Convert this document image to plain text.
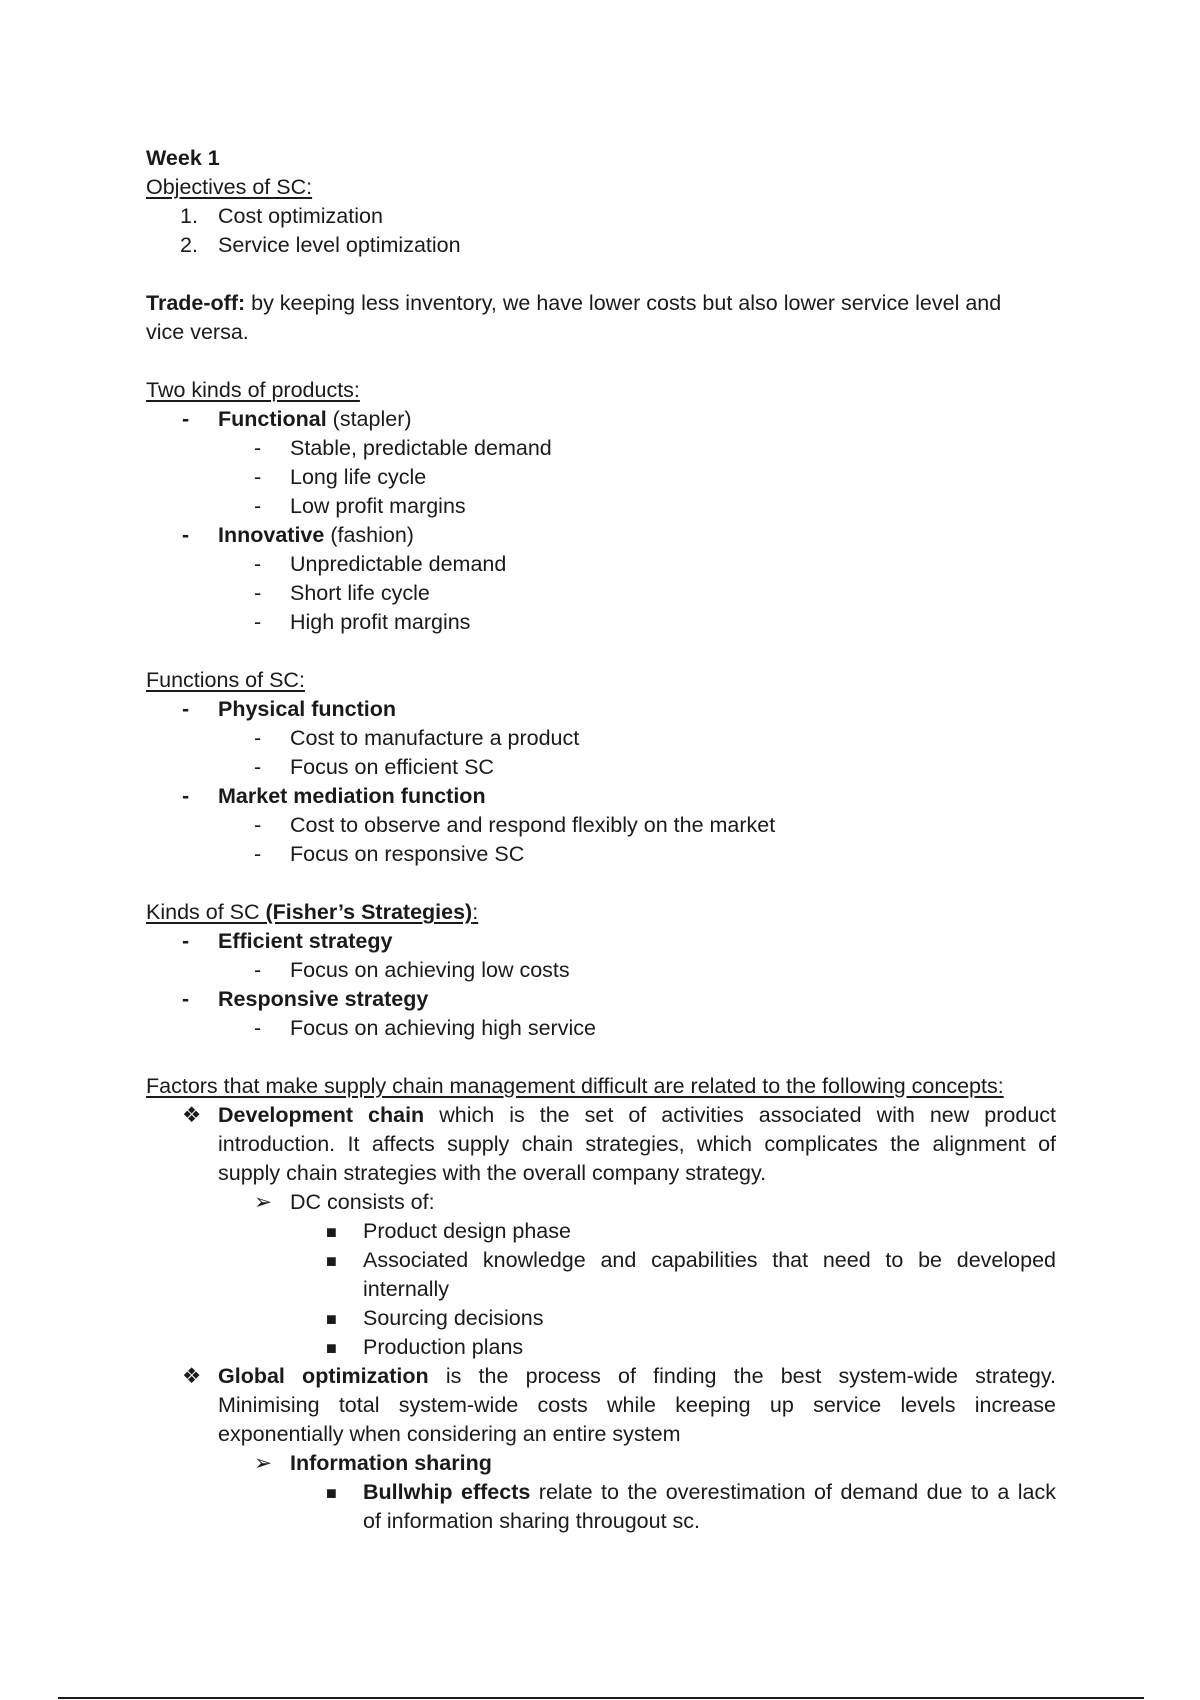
Week 1
Objectives of SC:
1. Cost optimization
2. Service level optimization
Trade-off: by keeping less inventory, we have lower costs but also lower service level and
vice versa.
Two kinds of products:
- Functional (stapler)
- Stable, predictable demand
- Long life cycle
- Low profit margins
- Innovative (fashion)
- Unpredictable demand
- Short life cycle
- High profit margins
Functions of SC:
- Physical function
- Cost to manufacture a product
- Focus on efficient SC
- Market mediation function
- Cost to observe and respond flexibly on the market
- Focus on responsive SC
Kinds of SC (Fisher’s Strategies):
- Efficient strategy
- Focus on achieving low costs
- Responsive strategy
- Focus on achieving high service
Factors that make supply chain management difficult are related to the following concepts:
❖ Development chain which is the set of activities associated with new product
introduction. It affects supply chain strategies, which complicates the alignment of
supply chain strategies with the overall company strategy.
➢ DC consists of:
■ Product design phase
■ Associated knowledge and capabilities that need to be developed
internally
■ Sourcing decisions
■ Production plans
❖ Global optimization is the process of finding the best system-wide strategy.
Minimising total system-wide costs while keeping up service levels increase
exponentially when considering an entire system
➢ Information sharing
■ Bullwhip effects relate to the overestimation of demand due to a lack
of information sharing througout sc.
